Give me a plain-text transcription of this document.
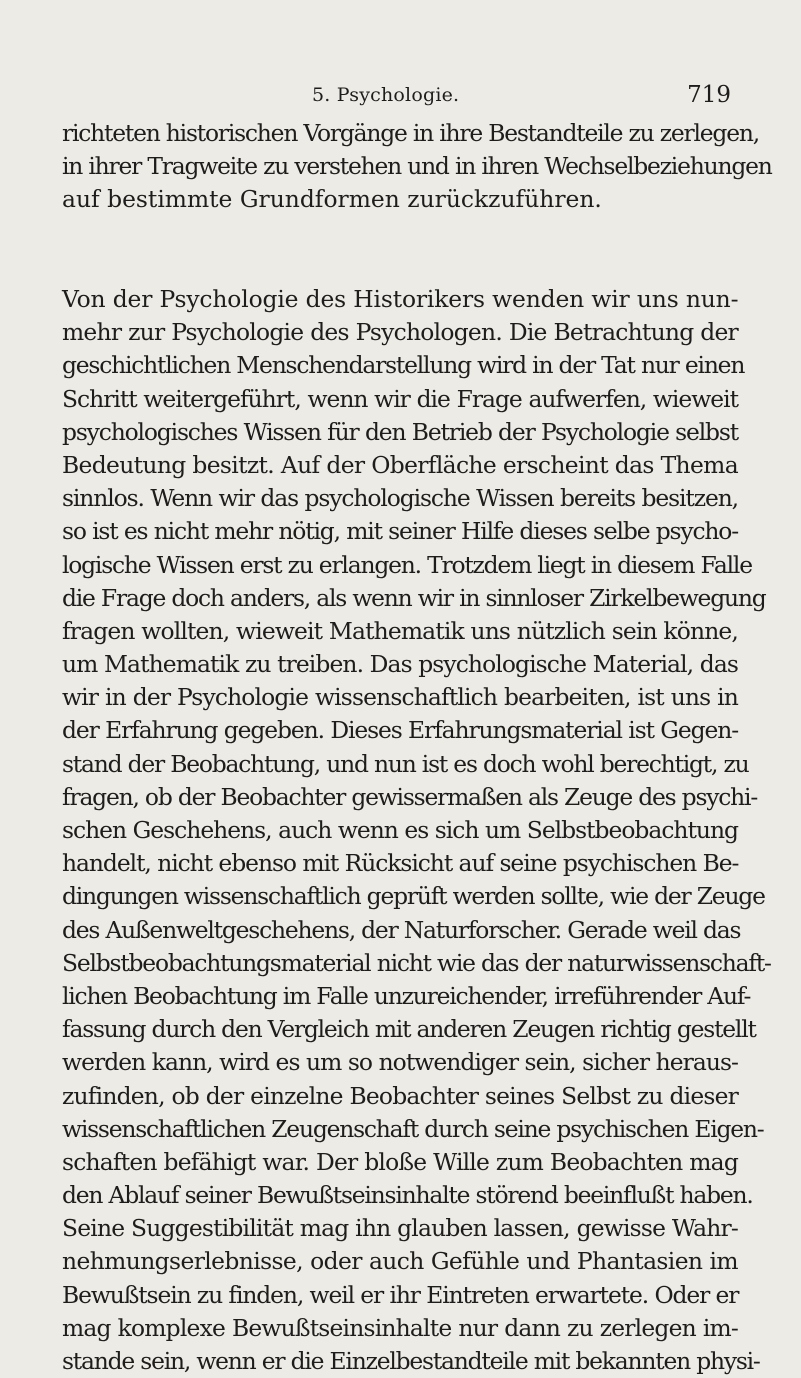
5. Psychologie.	719
richteten historischen Vorgänge in ihre Bestandteile zu zerlegen,
in ihrer Tragweite zu verstehen und in ihren Wechselbeziehungen
auf bestimmte Grundformen zurückzuführen.
Von der Psychologie des Historikers wenden wir uns nun-
mehr zur Psychologie des Psychologen. Die Betrachtung der
geschichtlichen Menschendarstellung wird in der Tat nur einen
Schritt weitergeführt, wenn wir die Frage aufwerfen, wieweit
psychologisches Wissen für den Betrieb der Psychologie selbst
Bedeutung besitzt. Auf der Oberfläche erscheint das Thema
sinnlos. Wenn wir das psychologische Wissen bereits besitzen,
so ist es nicht mehr nötig, mit seiner Hilfe dieses selbe psycho-
logische Wissen erst zu erlangen. Trotzdem liegt in diesem Falle
die Frage doch anders, als wenn wir in sinnloser Zirkelbewegung
fragen wollten, wieweit Mathematik uns nützlich sein könne,
um Mathematik zu treiben. Das psychologische Material, das
wir in der Psychologie wissenschaftlich bearbeiten, ist uns in
der Erfahrung gegeben. Dieses Erfahrungsmaterial ist Gegen-
stand der Beobachtung, und nun ist es doch wohl berechtigt, zu
fragen, ob der Beobachter gewissermaßen als Zeuge des psychi-
schen Geschehens, auch wenn es sich um Selbstbeobachtung
handelt, nicht ebenso mit Rücksicht auf seine psychischen Be-
dingungen wissenschaftlich geprüft werden sollte, wie der Zeuge
des Außenweltgeschehens, der Naturforscher. Gerade weil das
Selbstbeobachtungsmaterial nicht wie das der naturwissenschaft-
lichen Beobachtung im Falle unzureichender, irreführender Auf-
fassung durch den Vergleich mit anderen Zeugen richtig gestellt
werden kann, wird es um so notwendiger sein, sicher heraus-
zufinden, ob der einzelne Beobachter seines Selbst zu dieser
wissenschaftlichen Zeugenschaft durch seine psychischen Eigen-
schaften befähigt war. Der bloße Wille zum Beobachten mag
den Ablauf seiner Bewußtseinsinhalte störend beeinflußt haben.
Seine Suggestibilität mag ihn glauben lassen, gewisse Wahr-
nehmungserlebnisse, oder auch Gefühle und Phantasien im
Bewußtsein zu finden, weil er ihr Eintreten erwartete. Oder er
mag komplexe Bewußtseinsinhalte nur dann zu zerlegen im-
stande sein, wenn er die Einzelbestandteile mit bekannten physi-
